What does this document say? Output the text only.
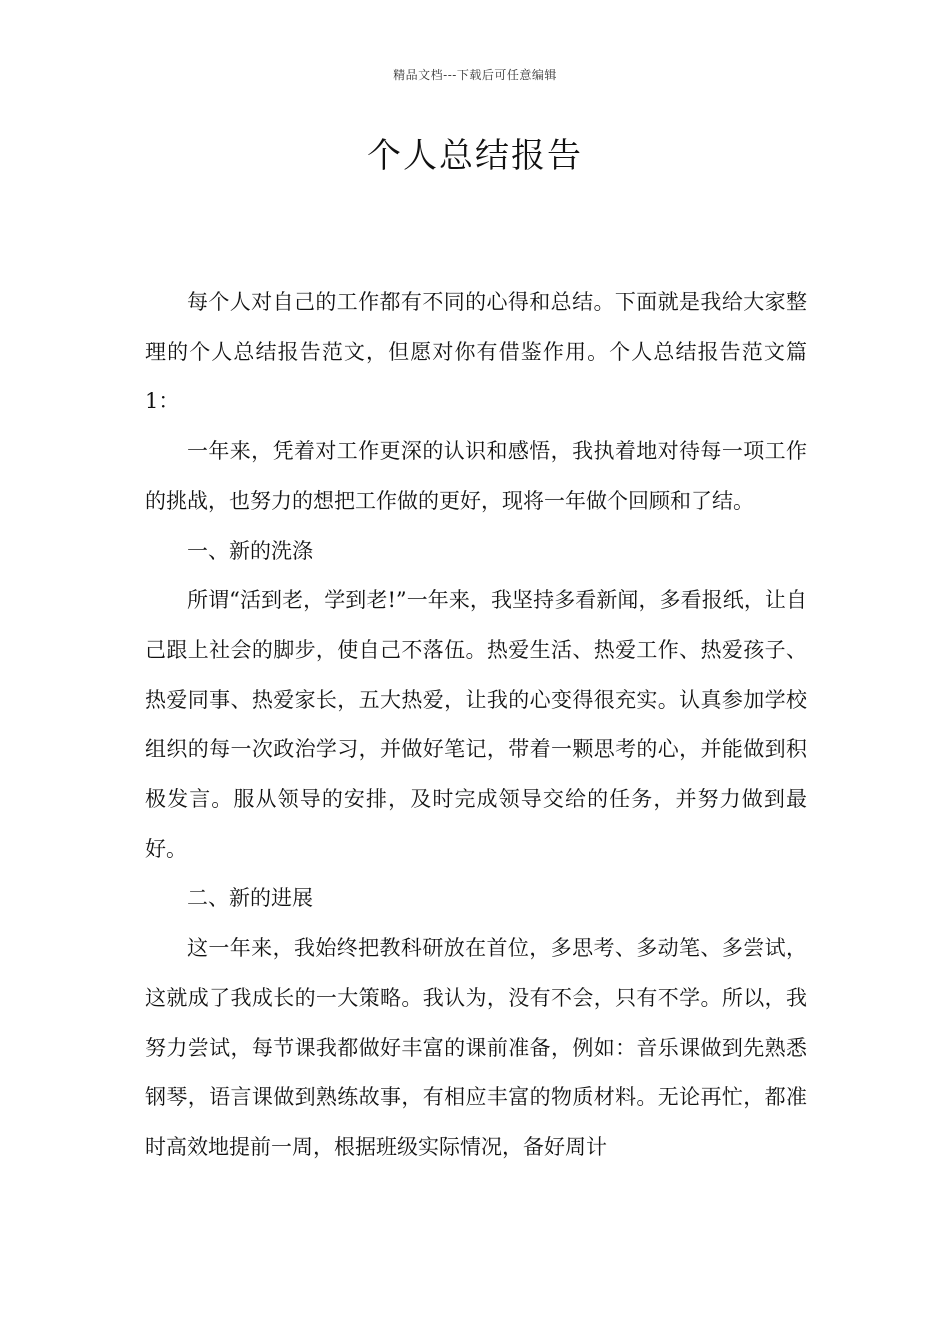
精品文档---下载后可任意编辑
个人总结报告

每个人对自己的工作都有不同的心得和总结。下面就是我给大家整理的个人总结报告范文，但愿对你有借鉴作用。个人总结报告范文篇 1：

一年来，凭着对工作更深的认识和感悟，我执着地对待每一项工作的挑战，也努力的想把工作做的更好，现将一年做个回顾和了结。

一、新的洗涤

所谓“活到老，学到老!”一年来，我坚持多看新闻，多看报纸，让自己跟上社会的脚步，使自己不落伍。热爱生活、热爱工作、热爱孩子、热爱同事、热爱家长，五大热爱，让我的心变得很充实。认真参加学校组织的每一次政治学习，并做好笔记，带着一颗思考的心，并能做到积极发言。服从领导的安排，及时完成领导交给的任务，并努力做到最好。

二、新的进展

这一年来，我始终把教科研放在首位，多思考、多动笔、多尝试，这就成了我成长的一大策略。我认为，没有不会，只有不学。所以，我努力尝试，每节课我都做好丰富的课前准备，例如：音乐课做到先熟悉钢琴，语言课做到熟练故事，有相应丰富的物质材料。无论再忙，都准时高效地提前一周，根据班级实际情况，备好周计
